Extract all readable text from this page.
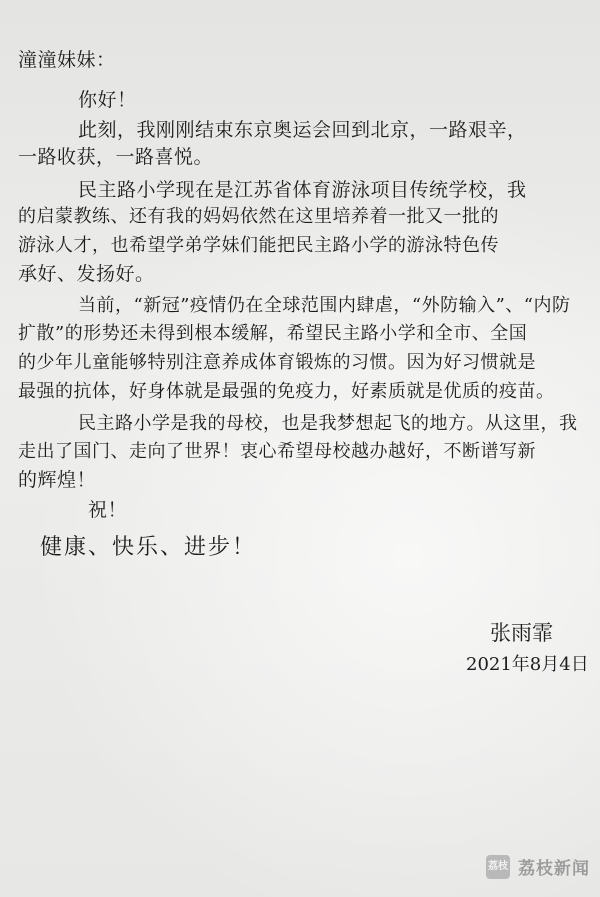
潼潼妹妹：
你好！
此刻，我刚刚结束东京奥运会回到北京，一路艰辛，
一路收获，一路喜悦。
民主路小学现在是江苏省体育游泳项目传统学校，我
的启蒙教练、还有我的妈妈依然在这里培养着一批又一批的
游泳人才，也希望学弟学妹们能把民主路小学的游泳特色传
承好、发扬好。
当前，“新冠”疫情仍在全球范围内肆虐，“外防输入”、“内防
扩散”的形势还未得到根本缓解，希望民主路小学和全市、全国
的少年儿童能够特别注意养成体育锻炼的习惯。因为好习惯就是
最强的抗体，好身体就是最强的免疫力，好素质就是优质的疫苗。
民主路小学是我的母校，也是我梦想起飞的地方。从这里，我
走出了国门、走向了世界！衷心希望母校越办越好，不断谱写新
的辉煌！
祝！
健康、快乐、进步！
张雨霏
2021年8月4日
荔枝 荔枝新闻
